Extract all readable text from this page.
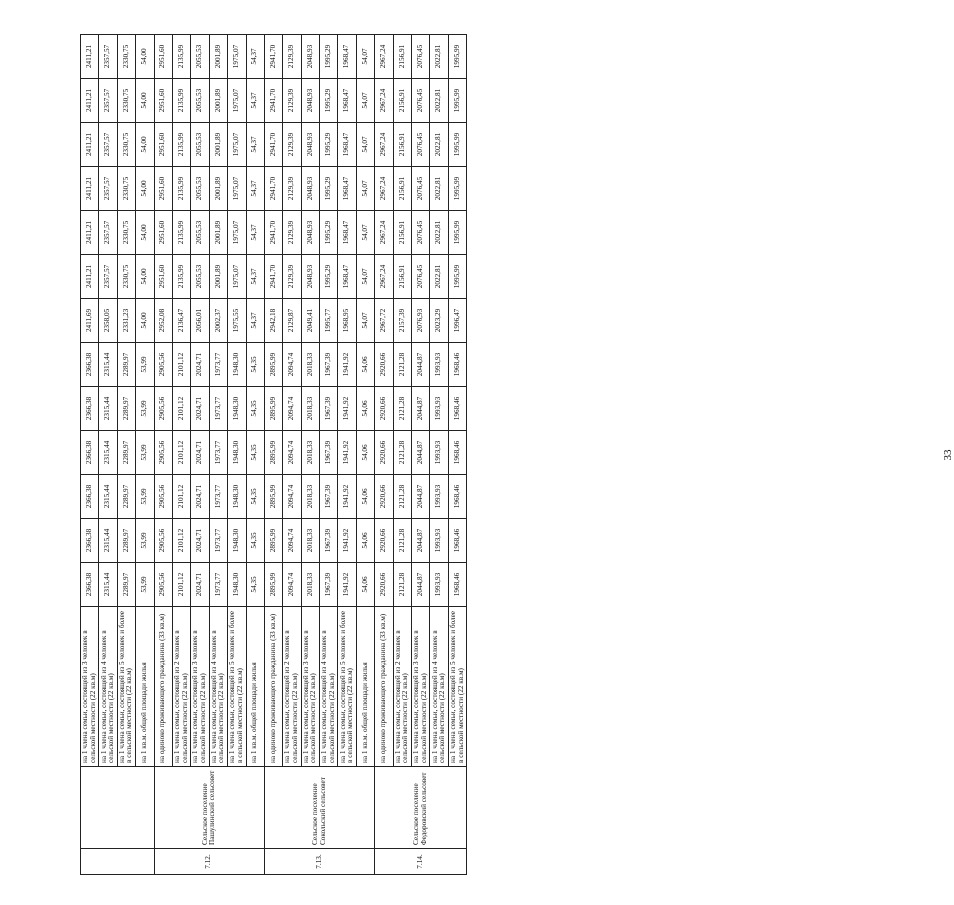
		на 1 члена семьи, состоящей из 3 человек в сельской местности (22 кв.м)	2366,38	2366,38	2366,38	2366,38	2366,38	2366,38	2411,69	2411,21	2411,21	2411,21	2411,21	2411,21	2411,21
		на 1 члена семьи, состоящей из 4 человек в сельской местности (22 кв.м)	2315,44	2315,44	2315,44	2315,44	2315,44	2315,44	2358,05	2357,57	2357,57	2357,57	2357,57	2357,57	2357,57
		на 1 члена семьи, состоящей из 5 человек и более в сельской местности (22 кв.м)	2289,97	2289,97	2289,97	2289,97	2289,97	2289,97	2331,23	2330,75	2330,75	2330,75	2330,75	2330,75	2330,75
		на 1 кв.м. общей площади жилья	53,99	53,99	53,99	53,99	53,99	53,99	54,00	54,00	54,00	54,00	54,00	54,00	54,00
7.12.	Сельское поселение Пашулинский сельсовет	на одиноко проживающего гражданина (33 кв.м)	2905,56	2905,56	2905,56	2905,56	2905,56	2905,56	2952,08	2951,60	2951,60	2951,60	2951,60	2951,60	2951,60
		на 1 члена семьи, состоящей из 2 человек в сельской местности (22 кв.м)	2101,12	2101,12	2101,12	2101,12	2101,12	2101,12	2136,47	2135,99	2135,99	2135,99	2135,99	2135,99	2135,99
		на 1 члена семьи, состоящей из 3 человек в сельской местности (22 кв.м)	2024,71	2024,71	2024,71	2024,71	2024,71	2024,71	2056,01	2055,53	2055,53	2055,53	2055,53	2055,53	2055,53
		на 1 члена семьи, состоящей из 4 человек в сельской местности (22 кв.м)	1973,77	1973,77	1973,77	1973,77	1973,77	1973,77	2002,37	2001,89	2001,89	2001,89	2001,89	2001,89	2001,89
		на 1 члена семьи, состоящей из 5 человек и более в сельской местности (22 кв.м)	1948,30	1948,30	1948,30	1948,30	1948,30	1948,30	1975,55	1975,07	1975,07	1975,07	1975,07	1975,07	1975,07
		на 1 кв.м. общей площади жилья	54,35	54,35	54,35	54,35	54,35	54,35	54,37	54,37	54,37	54,37	54,37	54,37	54,37
7.13.	Сельское поселение Сокольский сельсовет	на одиноко проживающего гражданина (33 кв.м)	2895,99	2895,99	2895,99	2895,99	2895,99	2895,99	2942,18	2941,70	2941,70	2941,70	2941,70	2941,70	2941,70
		на 1 члена семьи, состоящей из 2 человек в сельской местности (22 кв.м)	2094,74	2094,74	2094,74	2094,74	2094,74	2094,74	2129,87	2129,39	2129,39	2129,39	2129,39	2129,39	2129,39
		на 1 члена семьи, состоящей из 3 человек в сельской местности (22 кв.м)	2018,33	2018,33	2018,33	2018,33	2018,33	2018,33	2049,41	2048,93	2048,93	2048,93	2048,93	2048,93	2048,93
		на 1 члена семьи, состоящей из 4 человек в сельской местности (22 кв.м)	1967,39	1967,39	1967,39	1967,39	1967,39	1967,39	1995,77	1995,29	1995,29	1995,29	1995,29	1995,29	1995,29
		на 1 члена семьи, состоящей из 5 человек и более в сельской местности (22 кв.м)	1941,92	1941,92	1941,92	1941,92	1941,92	1941,92	1968,95	1968,47	1968,47	1968,47	1968,47	1968,47	1968,47
		на 1 кв.м. общей площади жилья	54,06	54,06	54,06	54,06	54,06	54,06	54,07	54,07	54,07	54,07	54,07	54,07	54,07
7.14.	Сельское поселение Федоровский сельсовет	на одиноко проживающего гражданина (33 кв.м)	2920,66	2920,66	2920,66	2920,66	2920,66	2920,66	2967,72	2967,24	2967,24	2967,24	2967,24	2967,24	2967,24
		на 1 члена семьи, состоящей из 2 человек в сельской местности (22 кв.м)	2121,28	2121,28	2121,28	2121,28	2121,28	2121,28	2157,39	2156,91	2156,91	2156,91	2156,91	2156,91	2156,91
		на 1 члена семьи, состоящей из 3 человек в сельской местности (22 кв.м)	2044,87	2044,87	2044,87	2044,87	2044,87	2044,87	2076,93	2076,45	2076,45	2076,45	2076,45	2076,45	2076,45
		на 1 члена семьи, состоящей из 4 человек в сельской местности (22 кв.м)	1993,93	1993,93	1993,93	1993,93	1993,93	1993,93	2023,29	2022,81	2022,81	2022,81	2022,81	2022,81	2022,81
		на 1 члена семьи, состоящей из 5 человек и более в сельской местности (22 кв.м)	1968,46	1968,46	1968,46	1968,46	1968,46	1968,46	1996,47	1995,99	1995,99	1995,99	1995,99	1995,99	1995,99
33
